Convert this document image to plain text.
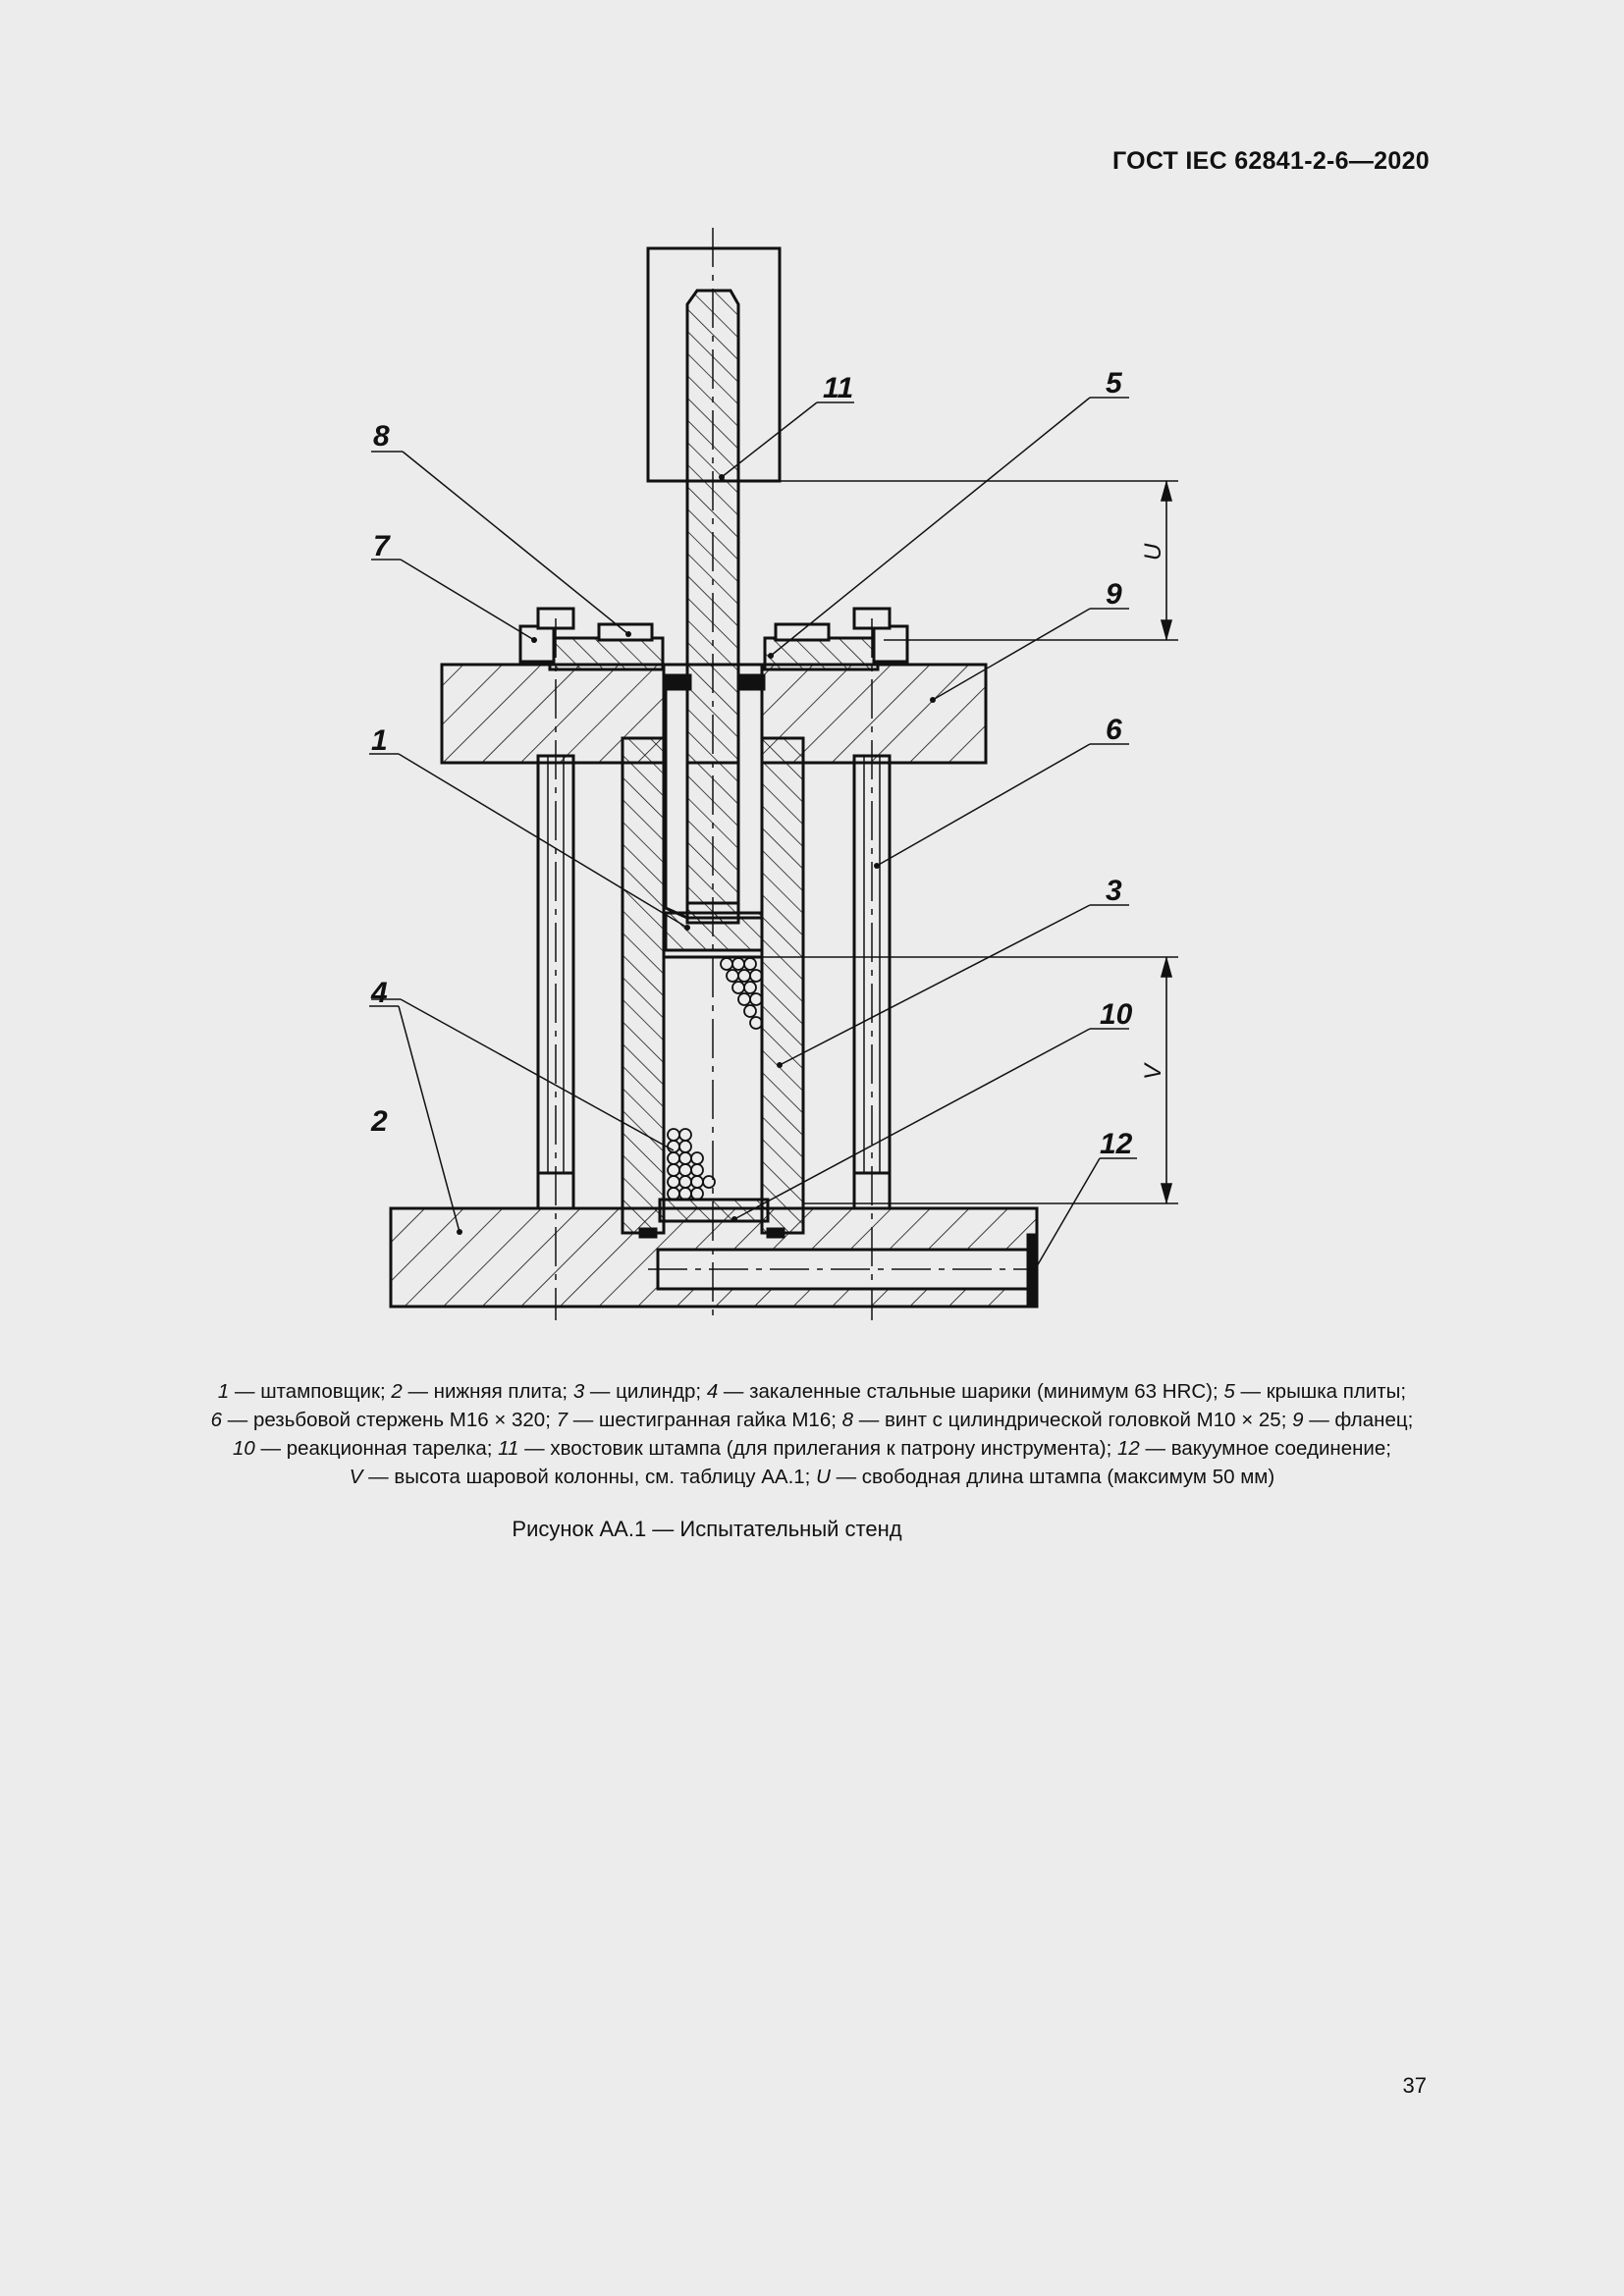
ГОСТ IEC 62841-2-6—2020
U
V
8
7
1
4
2
11	5
9
6
3
10
12
1 — штамповщик; 2 — нижняя плита; 3 — цилиндр; 4 — закаленные стальные шарики (минимум 63 HRC); 5 — крышка плиты;
6 — резьбовой стержень М16 × 320; 7 — шестигранная гайка М16; 8 — винт с цилиндрической головкой М10 × 25; 9 — фланец;
10 — реакционная тарелка; 11 — хвостовик штампа (для прилегания к патрону инструмента); 12 — вакуумное соединение;
V — высота шаровой колонны, см. таблицу АА.1; U — свободная длина штампа (максимум 50 мм)
Рисунок АА.1 — Испытательный стенд
37
